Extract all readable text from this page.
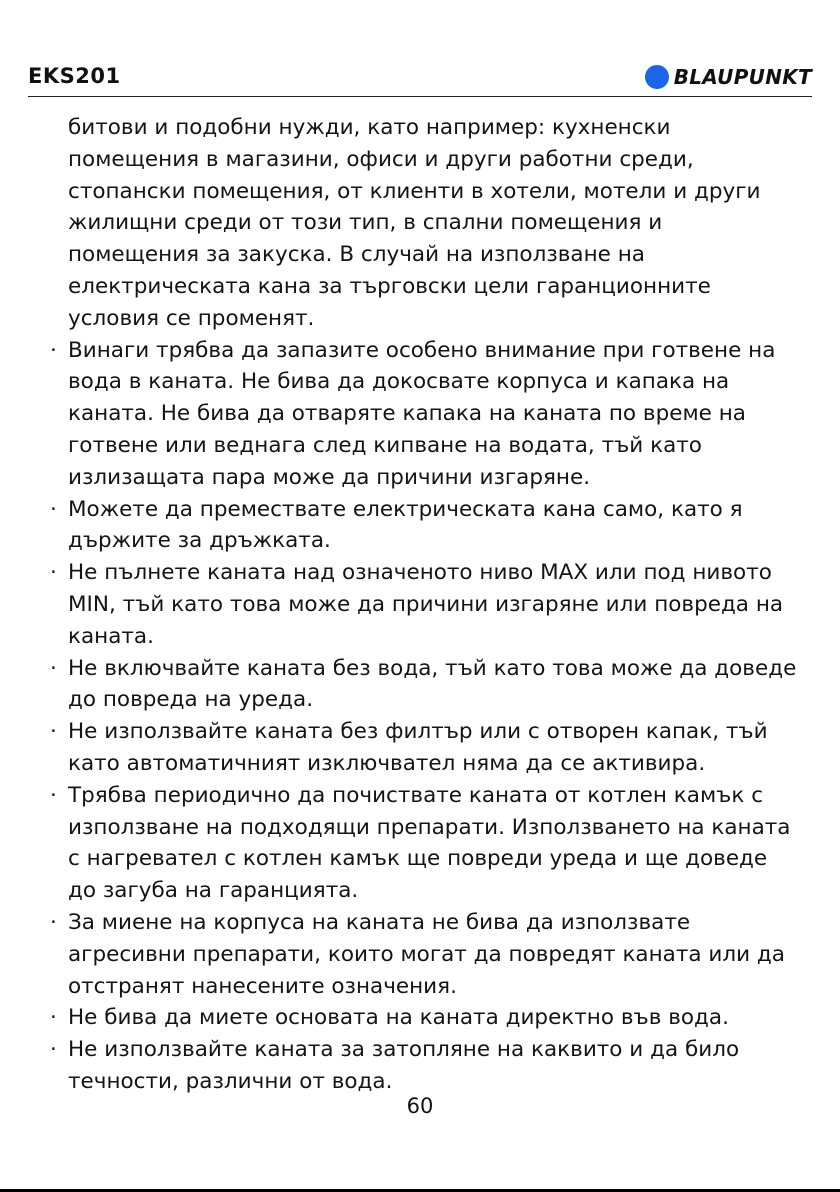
EKS201	BLAUPUNKT

битови и подобни нужди, като например: кухненски помещения в магазини, офиси и други работни среди, стопански помещения, от клиенти в хотели, мотели и други жилищни среди от този тип, в спални помещения и помещения за закуска. В случай на използване на електрическата кана за търговски цели гаранционните условия се променят.

· Винаги трябва да запазите особено внимание при готвене на вода в каната. Не бива да докосвате корпуса и капака на каната. Не бива да отваряте капака на каната по време на готвене или веднага след кипване на водата, тъй като излизащата пара може да причини изгаряне.

· Можете да премествате електрическата кана само, като я държите за дръжката.

· Не пълнете каната над означеното ниво MAX или под нивото MIN, тъй като това може да причини изгаряне или повреда на каната.

· Не включвайте каната без вода, тъй като това може да доведе до повреда на уреда.

· Не използвайте каната без филтър или с отворен капак, тъй като автоматичният изключвател няма да се активира.

· Трябва периодично да почиствате каната от котлен камък с използване на подходящи препарати. Използването на каната с нагревател с котлен камък ще повреди уреда и ще доведе до загуба на гаранцията.

· За миене на корпуса на каната не бива да използвате агресивни препарати, които могат да повредят каната или да отстранят нанесените означения.

· Не бива да миете основата на каната директно във вода.

· Не използвайте каната за затопляне на каквито и да било течности, различни от вода.

60
